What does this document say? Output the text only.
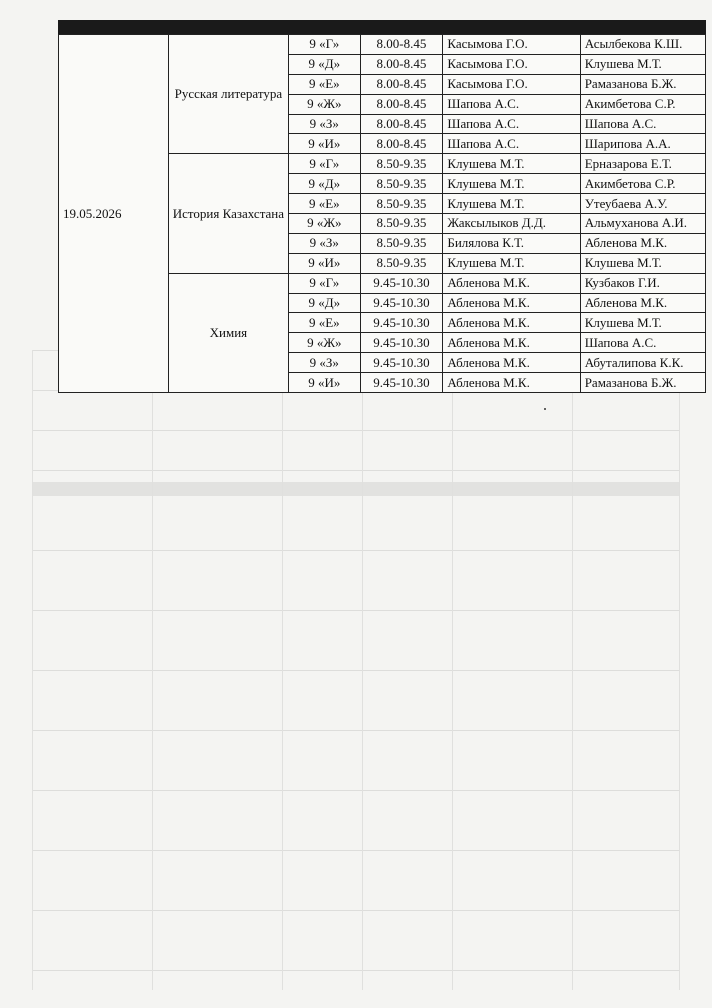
19.05.2026	Русская литература	9 «Г»	8.00-8.45	Касымова Г.О.	Асылбекова К.Ш.
		9 «Д»	8.00-8.45	Касымова Г.О.	Клушева М.Т.
		9 «Е»	8.00-8.45	Касымова Г.О.	Рамазанова Б.Ж.
		9 «Ж»	8.00-8.45	Шапова А.С.	Акимбетова С.Р.
		9 «З»	8.00-8.45	Шапова А.С.	Шапова А.С.
		9 «И»	8.00-8.45	Шапова А.С.	Шарипова А.А.
	История Казахстана	9 «Г»	8.50-9.35	Клушева М.Т.	Ерназарова Е.Т.
		9 «Д»	8.50-9.35	Клушева М.Т.	Акимбетова С.Р.
		9 «Е»	8.50-9.35	Клушева М.Т.	Утеубаева А.У.
		9 «Ж»	8.50-9.35	Жаксылыков Д.Д.	Альмуханова А.И.
		9 «З»	8.50-9.35	Билялова К.Т.	Абленова М.К.
		9 «И»	8.50-9.35	Клушева М.Т.	Клушева М.Т.
	Химия	9 «Г»	9.45-10.30	Абленова М.К.	Кузбаков Г.И.
		9 «Д»	9.45-10.30	Абленова М.К.	Абленова М.К.
		9 «Е»	9.45-10.30	Абленова М.К.	Клушева М.Т.
		9 «Ж»	9.45-10.30	Абленова М.К.	Шапова А.С.
		9 «З»	9.45-10.30	Абленова М.К.	Абуталипова К.К.
		9 «И»	9.45-10.30	Абленова М.К.	Рамазанова Б.Ж.
